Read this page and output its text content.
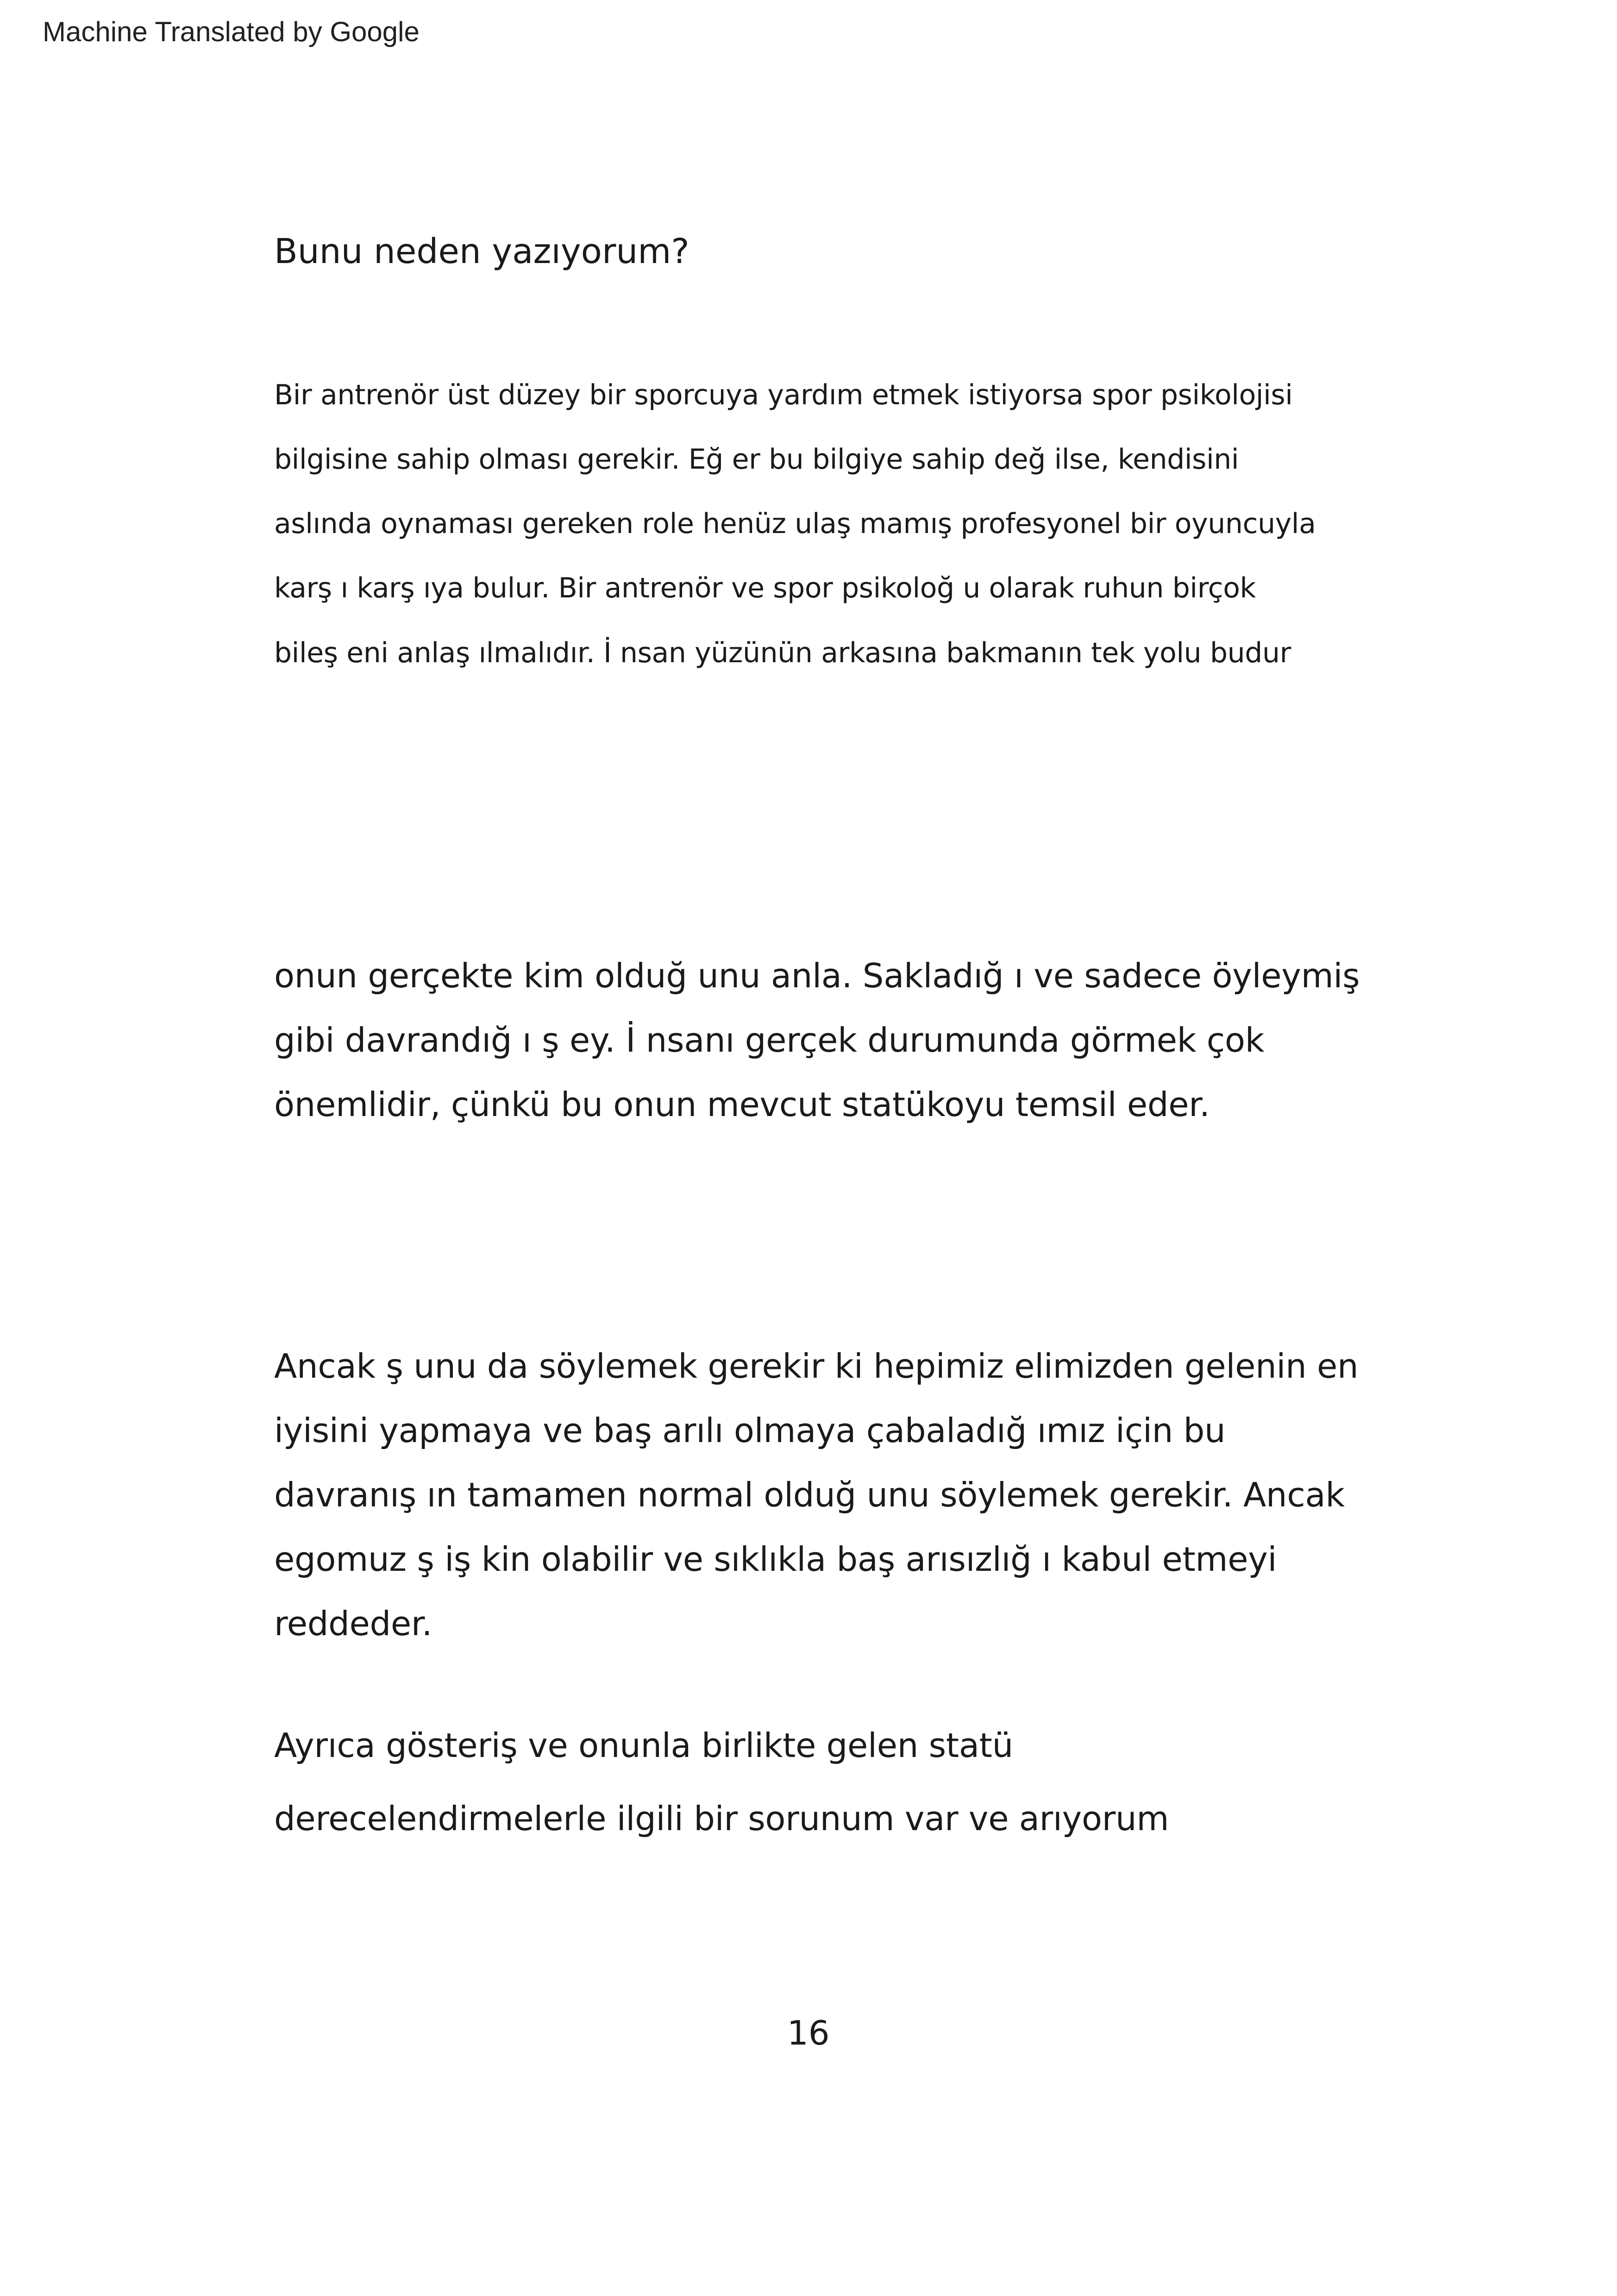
Machine Translated by Google
Bunu neden yazıyorum?
Bir antrenör üst düzey bir sporcuya yardım etmek istiyorsa spor psikolojisi
bilgisine sahip olması gerekir. Eğ er bu bilgiye sahip değ ilse, kendisini
aslında oynaması gereken role henüz ulaş mamış profesyonel bir oyuncuyla
karş ı karş ıya bulur. Bir antrenör ve spor psikoloğ u olarak ruhun birçok
bileş eni anlaş ılmalıdır. İ nsan yüzünün arkasına bakmanın tek yolu budur
onun gerçekte kim olduğ unu anla. Sakladığ ı ve sadece öyleymiş
gibi davrandığ ı ş ey. İ nsanı gerçek durumunda görmek çok
önemlidir, çünkü bu onun mevcut statükoyu temsil eder.
Ancak ş unu da söylemek gerekir ki hepimiz elimizden gelenin en
iyisini yapmaya ve baş arılı olmaya çabaladığ ımız için bu
davranış ın tamamen normal olduğ unu söylemek gerekir. Ancak
egomuz ş iş kin olabilir ve sıklıkla baş arısızlığ ı kabul etmeyi
reddeder.
Ayrıca gösteriş ve onunla birlikte gelen statü
derecelendirmelerle ilgili bir sorunum var ve arıyorum
16
